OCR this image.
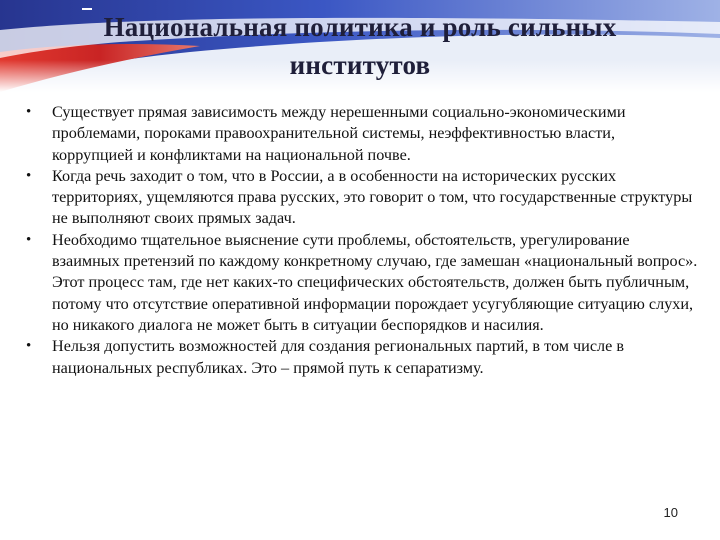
Национальная политика и роль сильных институтов
• Существует прямая зависимость между нерешенными социально-экономическими проблемами, пороками правоохранительной системы, неэффективностью власти, коррупцией и конфликтами на национальной почве.
• Когда речь заходит о том, что в России, а в особенности на исторических русских территориях, ущемляются права русских, это говорит о том, что государственные структуры не выполняют своих прямых задач.
• Необходимо тщательное выяснение сути проблемы, обстоятельств, урегулирование взаимных претензий по каждому конкретному случаю, где замешан «национальный вопрос». Этот процесс там, где нет каких-то специфических обстоятельств, должен быть публичным, потому что отсутствие оперативной информации порождает усугубляющие ситуацию слухи, но никакого диалога не может быть в ситуации беспорядков и насилия.
• Нельзя допустить возможностей для создания региональных партий, в том числе в национальных республиках. Это – прямой путь к сепаратизму.
10
